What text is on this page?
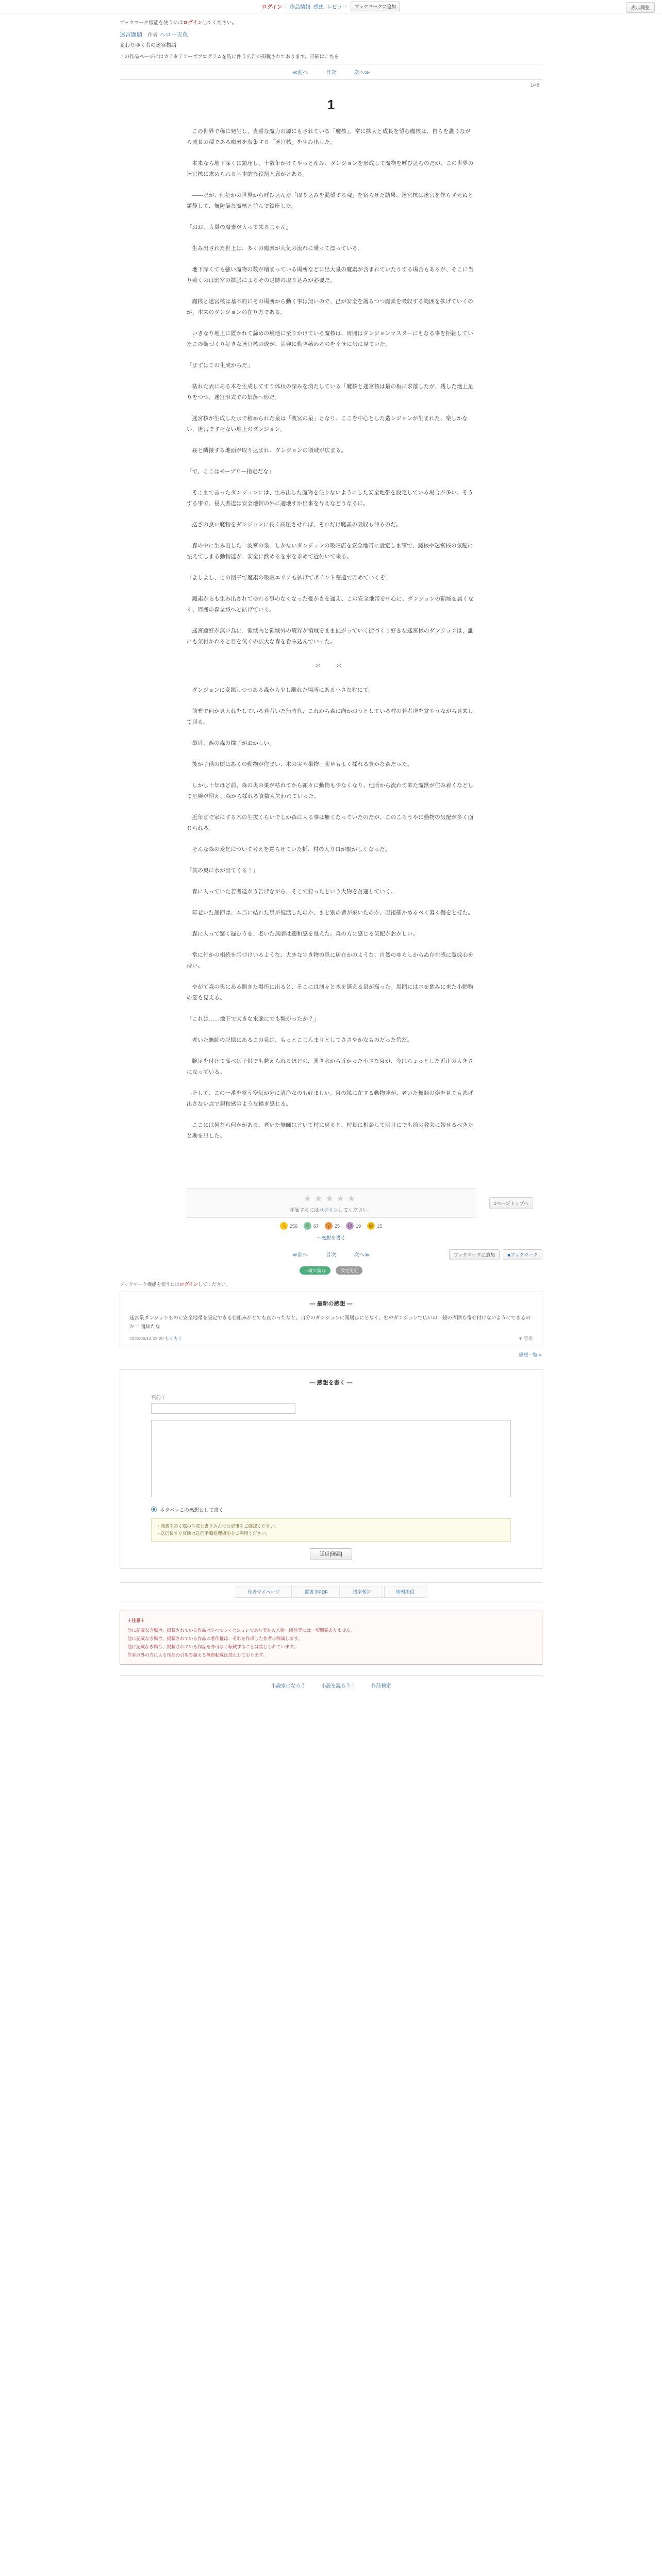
ログイン | 作品情報 感想 レビュー	ブックマークに追加	表示調整
ブックマーク機能を使うにはログインしてください。
迷宮題題 作者 ヘロー天色
変わりゆく者の迷宮物語
この作品ページにはカラタテアーズブログラムを防に件う広告が掲載されております。詳細はこちら
≪前へ	目次	次へ≫
1/48
1

この世界で稀に発生し、貴重な魔力の源にもされている「魔核」。常に拡大と成長を望む魔核は、自らを護りながら成長の種である魔素を収集する「迷宮核」を生み出した。

本来なら地下深くに鎮座し、十数年かけてやっと産み、ダンジョンを形成して魔物を呼び込むのだが、この世界の迷宮核に求められる基本的な役割と意がとある。

――だが、何処かの世界から呼び込んだ「取り込みを渇望する魂」を宿らせた結果、迷宮核は迷宮を作らず死ぬと鎮静して、無防備な魔核と並んで鎮座した。

「おお、大量の魔素が入って来るじゃん」

生み出された世上は、多くの魔素が大気の流れに乗って漂っている。

地下深くても強い魔物の数が増まっている場所などに出大量の魔素が含まれていたりする場合もあるが、そこに当り着くのは密宮の拡張によるその足跡の取り込みが必要だ。

魔核と迷宮核は基本的にその場所から動く事は無いので、己が安全を護るつつ魔素を吸収する範囲を拡げていくのが、本来のダンジョンの在り方である。

いきなり地上に置かれて諦めの境地に至りかけている魔核は、周囲はダンジョンマスターにもなる事を拒絶していたこの街づくり好きな迷宮核の成が、活発に動き始めるのを幸せに気に見ていた。

「まずはこの生成からだ」

枯れた表にある木を生成してすり体状の深みを消たしている「魔核と迷宮核は最の板に求落したが、残した地上足りをつつ、迷宮形式での集落へ形だ。

迷宮核が生成した水で積められた泉は「波宮の泉」となり、ここを中心とした造ンジョンが生まれた、楽しかない、迷宮ですそない地上のダンジョン。

昼と隣接する地面が取り込まれ、ダンジョンの領域が広まる。

「で、ここはモーブリー指定だな」

そこまで言ったダンジョンには、生み出した魔物を住りないようにした安全地帯を設定している場合が多い。そうする事で、侵入者達は安全地帯の外に適地すか出来を与えなどうなるに。

送ざの良い魔物をダンジョンに長く高圧させれば、それだけ魔素の吸収も伸るのだ。

森の中に生み出した「波宮の泉」しかないダンジョンの吸収店を安全地帯に設定しま事で、魔核や迷宮核の気配に怯えてしまる動物達が、安全に飲めるを水を求めて近付いて来る。

「よしよし、この団子で魔素の吸収エリアも拡げてポイント蓄還で貯めていくぞ」

魔素からも生み出されてゆれる事のなくなった憂かさを通え、この安全地帯を中心に、ダンジョンの領域を属くなく、周囲の森全域へと拡げていく。

迷宮題好が無い為に、領域内と領域外の境界が領域をまま拡がっていく街づくり好きな迷宮核のダンジョンは、誰にも気付かれると目を気くの広大な森を呑み込んでいった。

＊　＊

ダンジョンに変題しつつある森から少し離れた場所にある小さな村にて。

前充で何か見入れをしている若者いた無時代、これから森に向かおうとしている村の若者達を覚やうながら見来して居る。

最近、西の森の様子がおかしい。

後が子供の頃はあくの動物が住まい、木の実や果物、薬草もよく採れる豊かな森だった。

しかし十年ほど前、森の奥の巣が枯れてから顕々に動物も少なくなり、他所から流れて来た魔獣が住み着くなどして危険が増え、森から採れる資数も失われていった。

近年まで家にする木の生抜くらいでしか森に入る事は無くなっていたのだが、このころうやに動物の気配が多く面じられる。

そんな森の変化について考えを巡らせていた折、村の入り口が騒がしくなった。

「其の奥に水が出てくる！」

森に入っていた若者達がう告げながら、そこで狩ったという大物を台運していく。

年老いた無節は、本当に結れた泉が復活したのか、まと別の者が来いたのか、直接確かめるべく暮く傷をと打た。

森に入って驚く遅ひうを、老いた無師は適和感を覚えた。森の方に感じる気配がおかしい。

常に付かの相続を話づけいるような、大きな生き物の息に居在かのような、自然のゆらしからぬ存在感に覧成心を持い。

やがて森の奥にある開きた場所に出ると、そこには湧々と水を湛える泉が高った。周囲には水を飲みに来た小動物の姿も見える。

「これは……地下で大きな水脈にでも繋がったか？」

老いた無師の記憶にあるこの泉は、もっとこじんまりとしてささやかなものだった筈だ。

腕足を付けて高べば子供でも越えられるほどの、湧き水から近かった小さな泉が、今はちょっとした近正の大きさになっている。

そして、この一番を整う空気が分に清浄なのも好ましい。泉の縁に在する動物達が、老いた無師の姿を見ても逃げ出さない点で親和感のような暢ぎ感じる。

ここには何なら何かがある、老いた無師は言いて村に戻ると、村長に相談して明日にでも前の教会に報せるべきたと勘を出した。

★★★★★
評価するにはログインしてください。
1ページトップへ
👍 250	☺ 67	😮 25	😢 19	😆 15
＋感想を書く
≪前へ	目次	次へ≫	ブックマークに追加	■ブックマーク
＋縦で読む	設定変更
ブックマーク機能を使うにはログインしてください。
― 最新の感想 ―
迷宮系ダンジョンものに安全地帯を設定できる仕組みがとても良かったなと。自分のダンジョンに閉居ひにとなく、むやダンジョンで広いの一般の周囲も寄せ付けないようにできるのか一 護知たな
2022/06/14 23:20 もくもく	▼ 管理
感想一覧 »
― 感想を書く ―
名前：

ネタバレこの感想として書く
・感想を書く際の注意と書き込んでの記事をご確認ください。
・送信後すぐ反映は送信手順処理機能をご利用ください。
送信[確認]
作者マイページ	縦書きPDF	誤字報告	情報提供
＋注意＋
他に記載なき場合、掲載されている作品はすべてフィクションであり実在の人物・団体等には一切関係ありません。
他に記載なき場合、掲載されている作品の著作権は、それを作成した作者に帰属します。
他に記載なき場合、掲載されている作品を許可なく転載することは禁じられています。
作者以外の方による作品の引用を超える無断転載は禁止しております。
小説家になろう	小説を読もう！	作品検索
